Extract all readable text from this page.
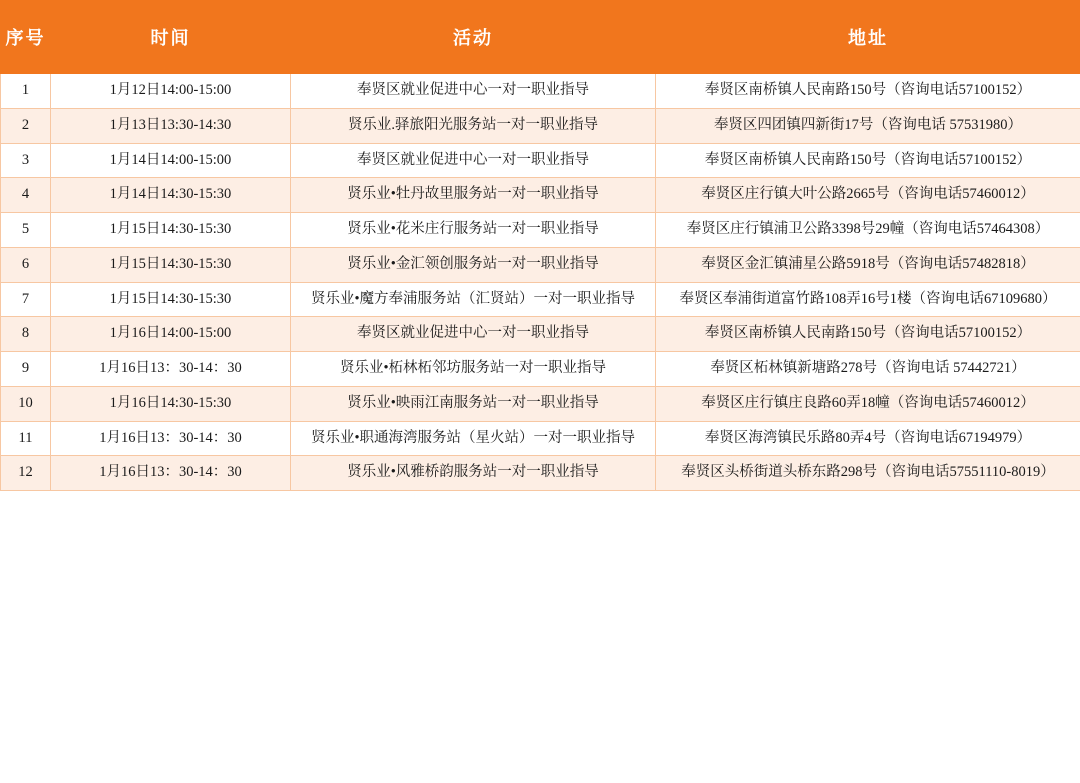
序号	时间	活动	地址
1	1月12日14:00-15:00	奉贤区就业促进中心一对一职业指导	奉贤区南桥镇人民南路150号（咨询电话57100152）
2	1月13日13:30-14:30	贤乐业.驿旅阳光服务站一对一职业指导	奉贤区四团镇四新街17号（咨询电话 57531980）
3	1月14日14:00-15:00	奉贤区就业促进中心一对一职业指导	奉贤区南桥镇人民南路150号（咨询电话57100152）
4	1月14日14:30-15:30	贤乐业•牡丹故里服务站一对一职业指导	奉贤区庄行镇大叶公路2665号（咨询电话57460012）
5	1月15日14:30-15:30	贤乐业•花米庄行服务站一对一职业指导	奉贤区庄行镇浦卫公路3398号29幢（咨询电话57464308）
6	1月15日14:30-15:30	贤乐业•金汇领创服务站一对一职业指导	奉贤区金汇镇浦星公路5918号（咨询电话57482818）
7	1月15日14:30-15:30	贤乐业•魔方奉浦服务站（汇贤站）一对一职业指导	奉贤区奉浦街道富竹路108弄16号1楼（咨询电话67109680）
8	1月16日14:00-15:00	奉贤区就业促进中心一对一职业指导	奉贤区南桥镇人民南路150号（咨询电话57100152）
9	1月16日13：30-14：30	贤乐业•柘林柘邻坊服务站一对一职业指导	奉贤区柘林镇新塘路278号（咨询电话 57442721）
10	1月16日14:30-15:30	贤乐业•映雨江南服务站一对一职业指导	奉贤区庄行镇庄良路60弄18幢（咨询电话57460012）
11	1月16日13：30-14：30	贤乐业•职通海湾服务站（星火站）一对一职业指导	奉贤区海湾镇民乐路80弄4号（咨询电话67194979）
12	1月16日13：30-14：30	贤乐业•风雅桥韵服务站一对一职业指导	奉贤区头桥街道头桥东路298号（咨询电话57551110-8019）
